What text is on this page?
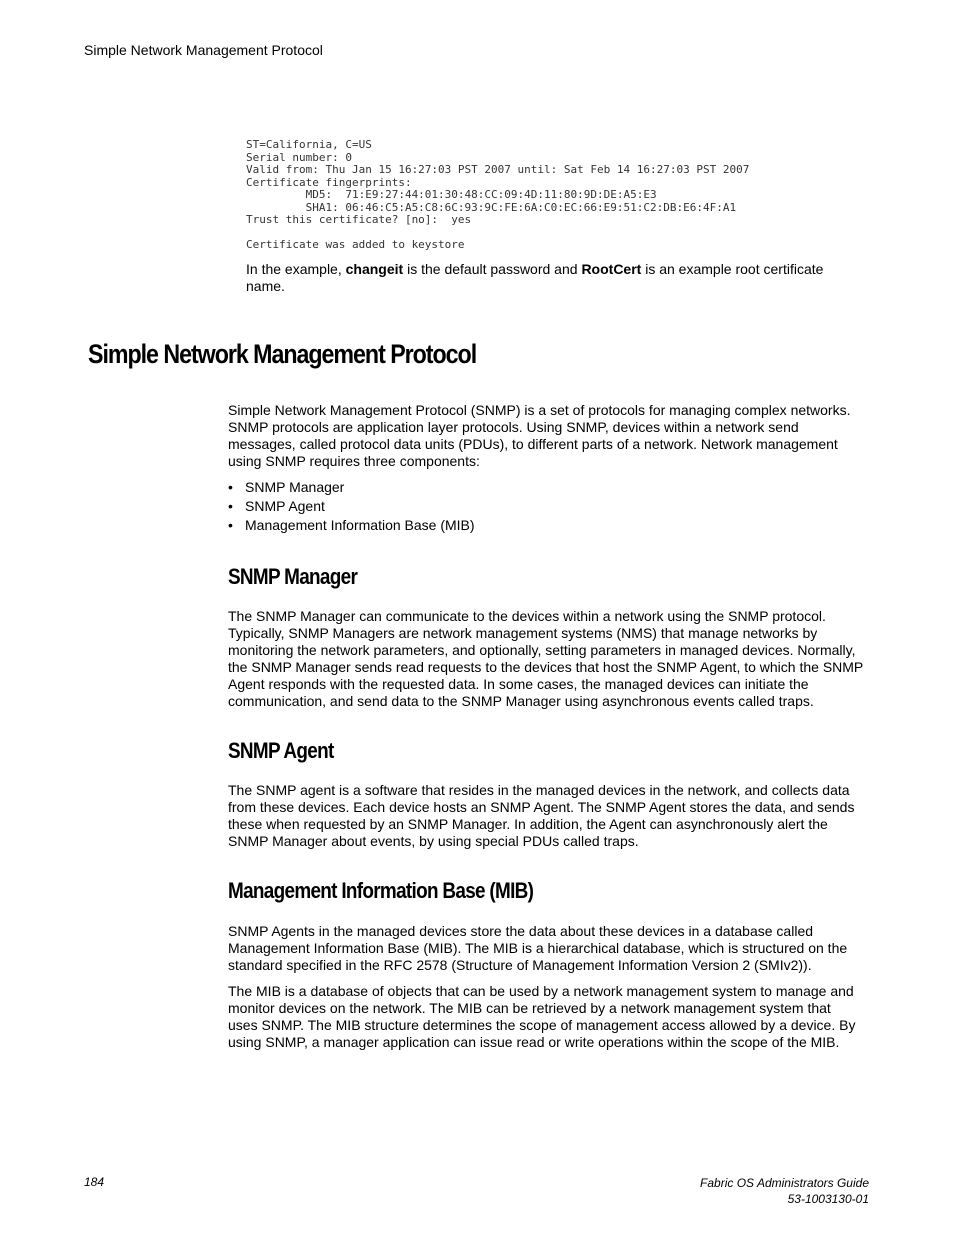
Simple Network Management Protocol
ST=California, C=US
Serial number: 0
Valid from: Thu Jan 15 16:27:03 PST 2007 until: Sat Feb 14 16:27:03 PST 2007
Certificate fingerprints:
MD5:  71:E9:27:44:01:30:48:CC:09:4D:11:80:9D:DE:A5:E3
SHA1: 06:46:C5:A5:C8:6C:93:9C:FE:6A:C0:EC:66:E9:51:C2:DB:E6:4F:A1
Trust this certificate? [no]:  yes
Certificate was added to keystore

In the example, changeit is the default password and RootCert is an example root certificate name.

Simple Network Management Protocol

Simple Network Management Protocol (SNMP) is a set of protocols for managing complex networks. SNMP protocols are application layer protocols. Using SNMP, devices within a network send messages, called protocol data units (PDUs), to different parts of a network. Network management using SNMP requires three components:

• SNMP Manager
• SNMP Agent
• Management Information Base (MIB)
SNMP Manager

The SNMP Manager can communicate to the devices within a network using the SNMP protocol. Typically, SNMP Managers are network management systems (NMS) that manage networks by monitoring the network parameters, and optionally, setting parameters in managed devices. Normally, the SNMP Manager sends read requests to the devices that host the SNMP Agent, to which the SNMP Agent responds with the requested data. In some cases, the managed devices can initiate the communication, and send data to the SNMP Manager using asynchronous events called traps.

SNMP Agent

The SNMP agent is a software that resides in the managed devices in the network, and collects data from these devices. Each device hosts an SNMP Agent. The SNMP Agent stores the data, and sends these when requested by an SNMP Manager. In addition, the Agent can asynchronously alert the SNMP Manager about events, by using special PDUs called traps.

Management Information Base (MIB)

SNMP Agents in the managed devices store the data about these devices in a database called Management Information Base (MIB). The MIB is a hierarchical database, which is structured on the standard specified in the RFC 2578 (Structure of Management Information Version 2 (SMIv2)).

The MIB is a database of objects that can be used by a network management system to manage and monitor devices on the network. The MIB can be retrieved by a network management system that uses SNMP. The MIB structure determines the scope of management access allowed by a device. By using SNMP, a manager application can issue read or write operations within the scope of the MIB.

184	Fabric OS Administrators Guide
53-1003130-01
